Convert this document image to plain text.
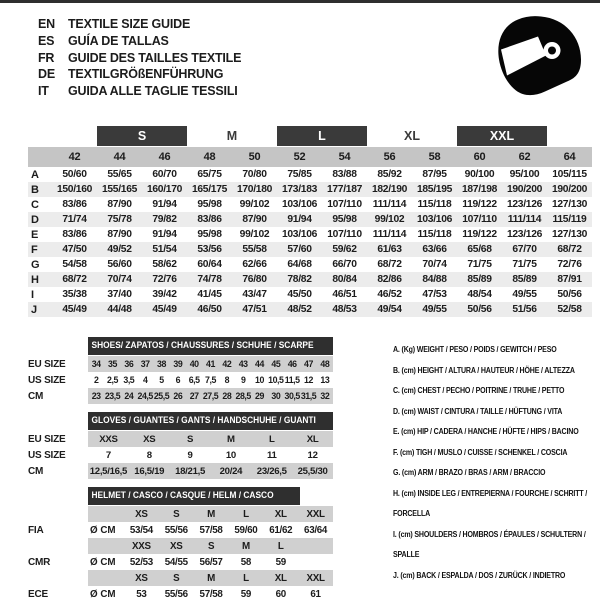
EN	TEXTILE SIZE GUIDE
ES	GUÍA DE TALLAS
FR	GUIDE DES TAILLES TEXTILE
DE	TEXTILGRÖßENFÜHRUNG
IT	GUIDA ALLE TAGLIE TESSILI
S	M	L	XL	XXL
42	44	46	48	50	52	54	56	58	60	62	64
A	50/60	55/65	60/70	65/75	70/80	75/85	83/88	85/92	87/95	90/100	95/100	105/115
B	150/160 155/165 160/170 165/175 170/180 173/183 177/187 182/190 185/195 187/198 190/200 190/200
C	83/86	87/90	91/94	95/98	99/102	103/106 107/110	111/114	115/118	119/122 123/126 127/130
D	71/74	75/78	79/82	83/86	87/90	91/94	95/98	99/102	103/106 107/110	111/114	115/119
E	83/86	87/90	91/94	95/98	99/102	103/106 107/110	111/114	115/118	119/122 123/126 127/130
F	47/50	49/52	51/54	53/56	55/58	57/60	59/62	61/63	63/66	65/68	67/70	68/72
G	54/58	56/60	58/62	60/64	62/66	64/68	66/70	68/72	70/74	71/75	71/75	72/76
H	68/72	70/74	72/76	74/78	76/80	78/82	80/84	82/86	84/88	85/89	85/89	87/91
I	35/38	37/40	39/42	41/45	43/47	45/50	46/51	46/52	47/53	48/54	49/55	50/56
J	45/49	44/48	45/49	46/50	47/51	48/52	48/53	49/54	49/55	50/56	51/56	52/58
SHOES/ ZAPATOS / CHAUSSURES / SCHUHE / SCARPE
EU SIZE	34 35 36 37 38 39 40 41 42 43 44 45 46 47 48
US SIZE	2 2,5 3,5 4	5	6 6,5 7,5 8	9	10 10,5 11,5 12 13
CM	23 23,5 24 24,5 25,5 26 27 27,5 28 28,5 29 30 30,5 31,5 32
GLOVES / GUANTES / GANTS / HANDSCHUHE / GUANTI
EU SIZE	XXS	XS	S	M	L	XL
US SIZE	7	8	9	10	11	12
CM	12,5/16,5 16,5/19	18/21,5	20/24	23/26,5	25,5/30
HELMET / CASCO / CASQUE / HELM / CASCO
XS	S	M	L	XL	XXL
FIA	Ø CM	53/54	55/56	57/58	59/60	61/62	63/64
XXS	XS	S	M	L
CMR	Ø CM	52/53	54/55	56/57	58	59
XS	S	M	L	XL	XXL
ECE	Ø CM	53	55/56	57/58	59	60	61
A. (Kg) WEIGHT / PESO / POIDS / GEWITCH / PESO
B. (cm) HEIGHT / ALTURA / HAUTEUR / HÖHE / ALTEZZA
C. (cm) CHEST / PECHO / POITRINE / TRUHE / PETTO
D. (cm) WAIST / CINTURA / TAILLE / HÜFTUNG / VITA
E. (cm) HIP / CADERA / HANCHE / HÜFTE / HIPS / BACINO
F. (cm) TIGH / MUSLO / CUISSE / SCHENKEL / COSCIA
G. (cm) ARM / BRAZO / BRAS / ARM / BRACCIO
H. (cm) INSIDE LEG / ENTREPIERNA / FOURCHE / SCHRITT / FORCELLA
I. (cm) SHOULDERS / HOMBROS / ÉPAULES / SCHULTERN / SPALLE
J. (cm) BACK / ESPALDA / DOS / ZURÜCK / INDIETRO
